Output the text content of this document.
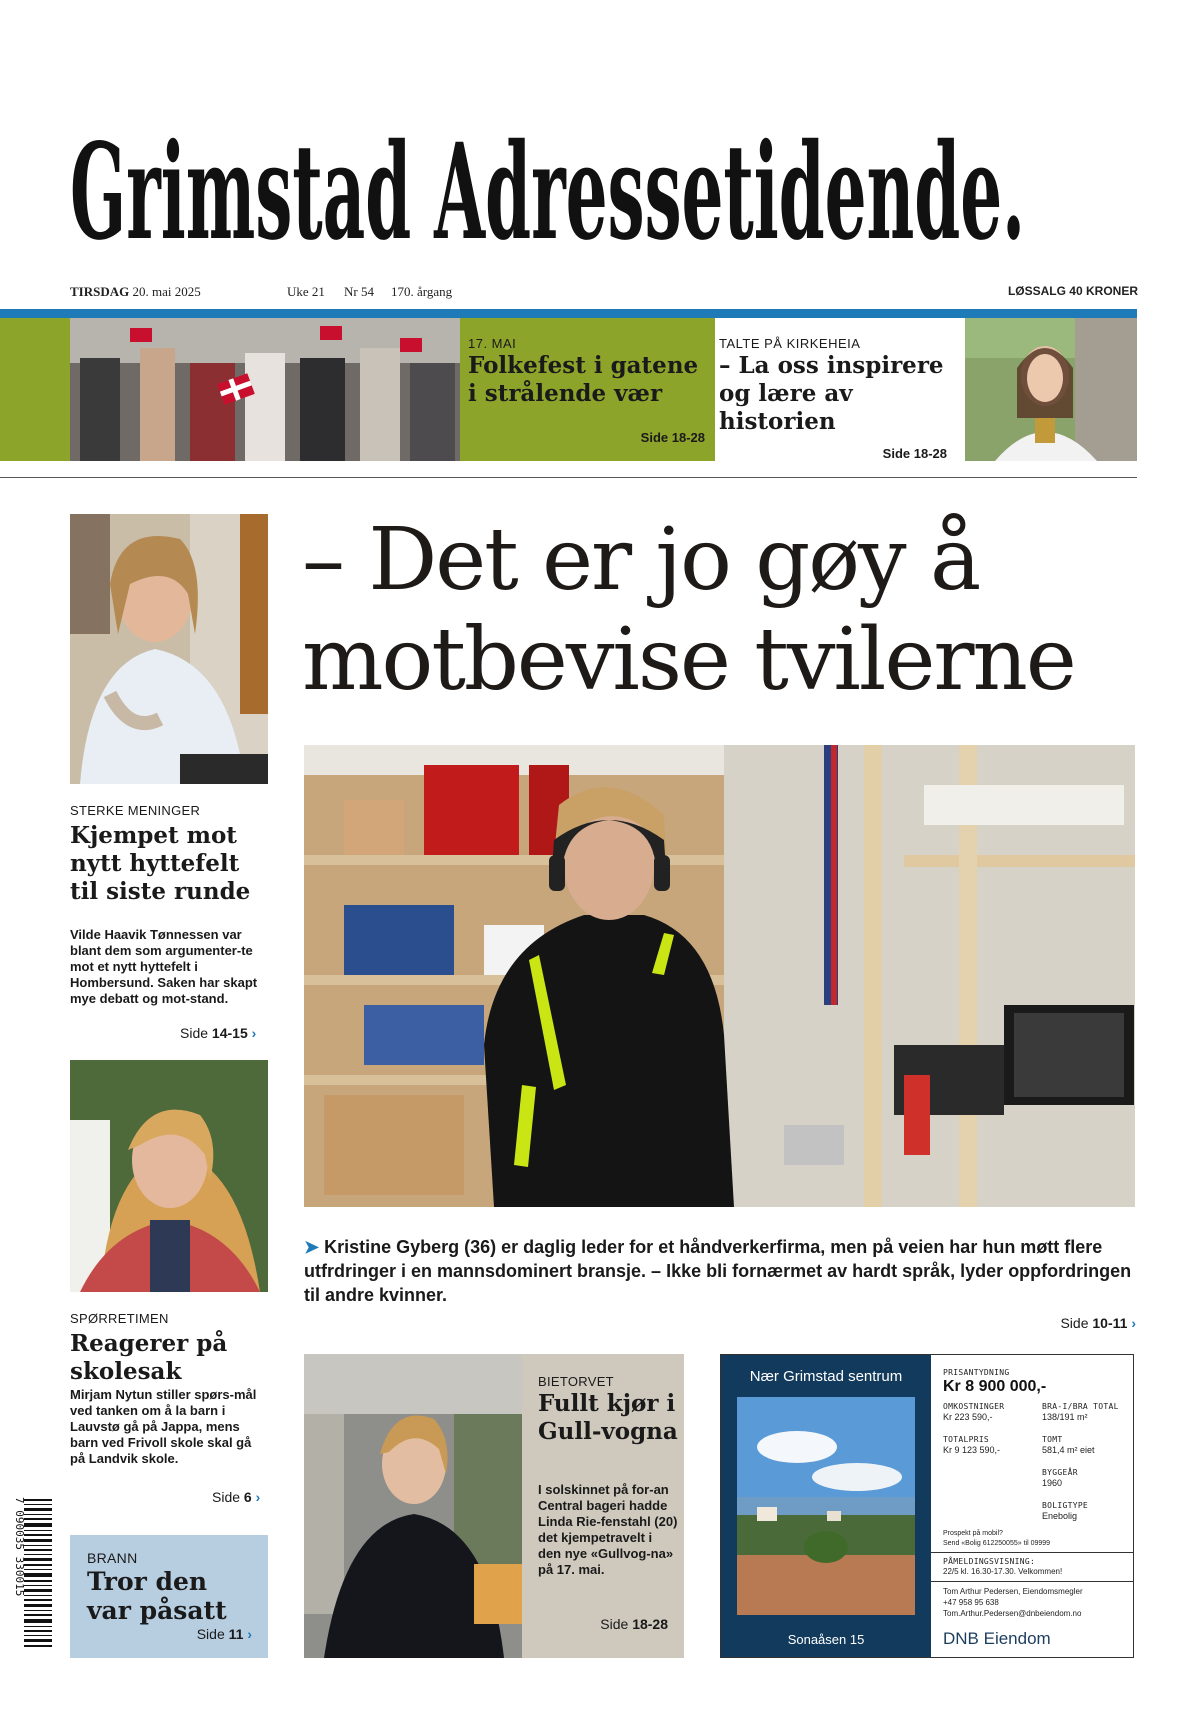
Grimstad Adressetidende.
TIRSDAG 20. mai 2025	Uke 21 Nr 54 170. årgang	LØSSALG 40 KRONER
17. MAI
Folkefest i gatene i strålende vær
Side 18-28
TALTE PÅ KIRKEHEIA
– La oss inspirere og lære av historien
Side 18-28
– Det er jo gøy å motbevise tvilerne
➤ Kristine Gyberg (36) er daglig leder for et håndverkerfirma, men på veien har hun møtt flere utfrdringer i en mannsdominert bransje. – Ikke bli fornærmet av hardt språk, lyder oppfordringen til andre kvinner.
Side 10-11 ›
STERKE MENINGER
Kjempet mot nytt hyttefelt til siste runde
Vilde Haavik Tønnessen var blant dem som argumenter-te mot et nytt hyttefelt i Hombersund. Saken har skapt mye debatt og mot-stand.
Side 14-15 ›
SPØRRETIMEN
Reagerer på skolesak
Mirjam Nytun stiller spørs-mål ved tanken om å la barn i Lauvstø gå på Jappa, mens barn ved Frivoll skole skal gå på Landvik skole.
Side 6 ›
BRANN
Tror den var påsatt
Side 11 ›
7 090035 330015
BIETORVET
Fullt kjør i Gull-vogna
I solskinnet på for-an Central bageri hadde Linda Rie-fenstahl (20) det kjempetravelt i den nye «Gullvog-na» på 17. mai.
Side 18-28
Nær Grimstad sentrum
Sonaåsen 15
PRISANTYDNING
Kr 8 900 000,-
OMKOSTNINGER
Kr 223 590,-
TOTALPRIS
Kr 9 123 590,-
BRA-I/BRA TOTAL
138/191 m²
TOMT
581,4 m² eiet
BYGGEÅR
1960
BOLIGTYPE
Enebolig
Prospekt på mobil?
Send «Bolig 612250055» til 09999
PÅMELDINGSVISNING:
22/5 kl. 16.30-17.30. Velkommen!
Tom Arthur Pedersen, Eiendomsmegler
+47 958 95 638
Tom.Arthur.Pedersen@dnbeiendom.no
DNB Eiendom
